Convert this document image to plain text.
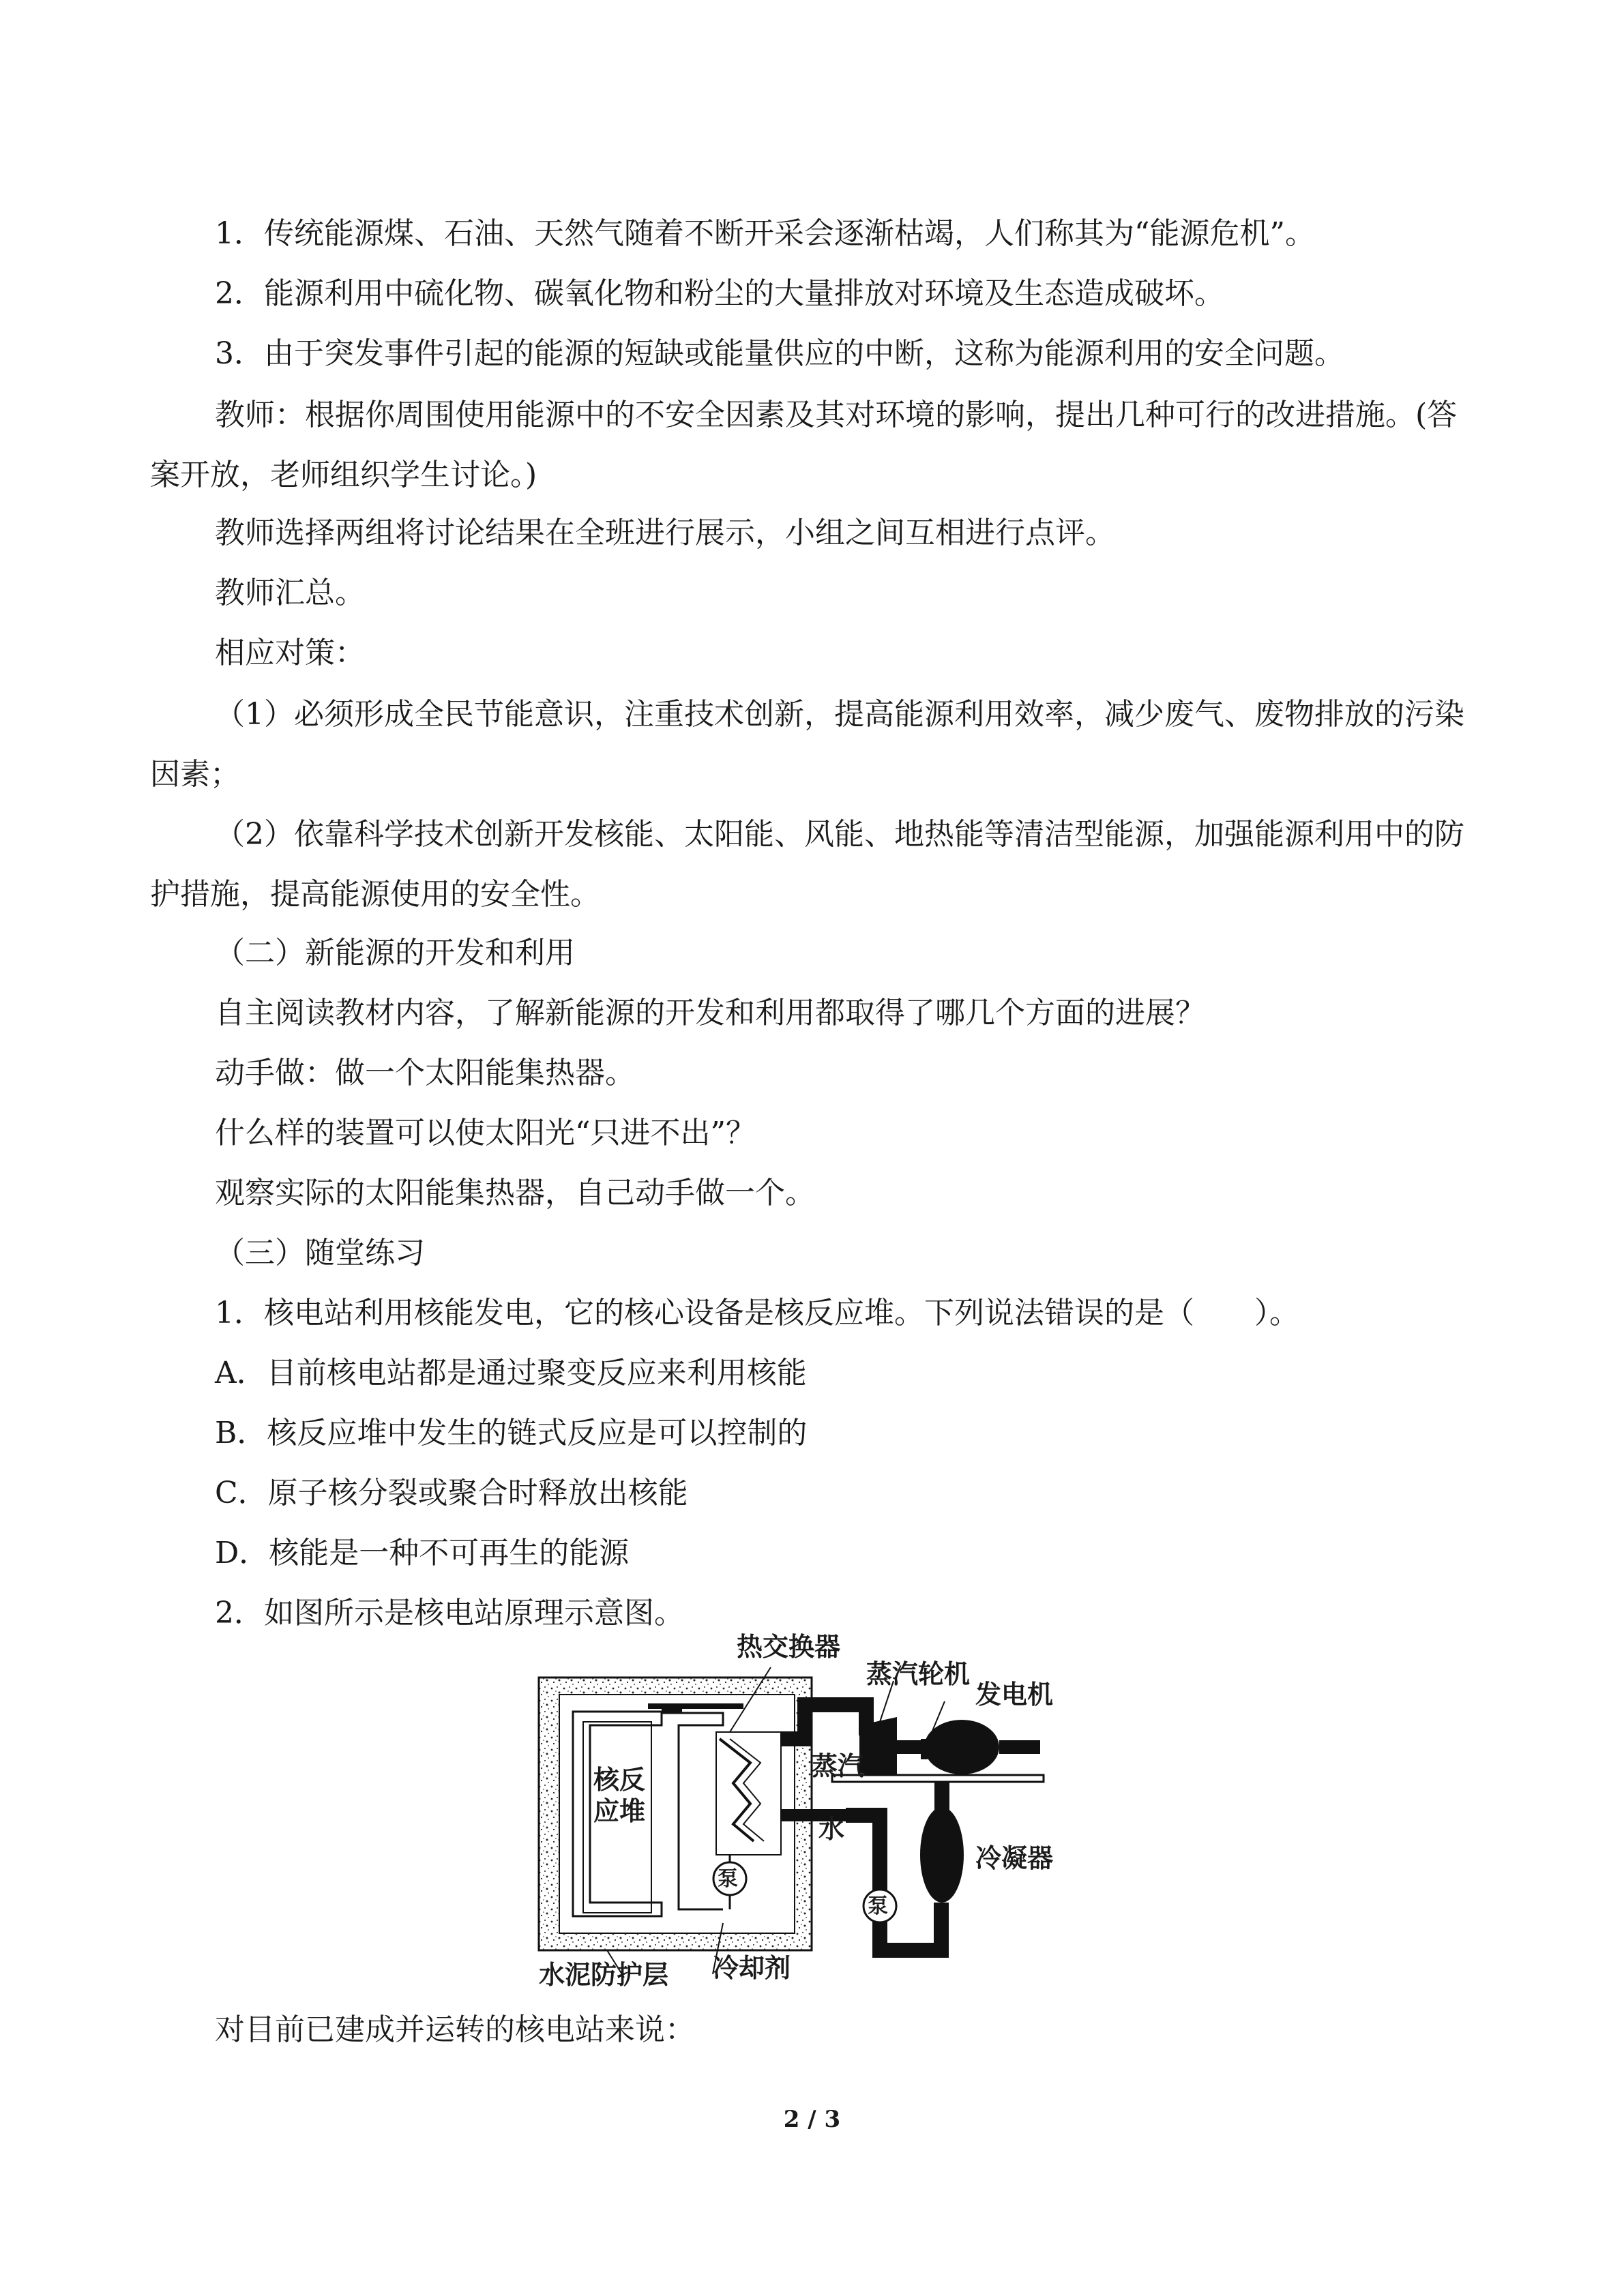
1．传统能源煤、石油、天然气随着不断开采会逐渐枯竭，人们称其为“能源危机”。
2．能源利用中硫化物、碳氧化物和粉尘的大量排放对环境及生态造成破坏。
3．由于突发事件引起的能源的短缺或能量供应的中断，这称为能源利用的安全问题。
教师：根据你周围使用能源中的不安全因素及其对环境的影响，提出几种可行的改进措施。(答案开放，老师组织学生讨论。)
教师选择两组将讨论结果在全班进行展示，小组之间互相进行点评。
教师汇总。
相应对策：
（1）必须形成全民节能意识，注重技术创新，提高能源利用效率，减少废气、废物排放的污染因素；
（2）依靠科学技术创新开发核能、太阳能、风能、地热能等清洁型能源，加强能源利用中的防护措施，提高能源使用的安全性。
（二）新能源的开发和利用
自主阅读教材内容，了解新能源的开发和利用都取得了哪几个方面的进展？
动手做：做一个太阳能集热器。
什么样的装置可以使太阳光“只进不出”？
观察实际的太阳能集热器，自己动手做一个。
（三）随堂练习
1．核电站利用核能发电，它的核心设备是核反应堆。下列说法错误的是（　　）。
A．目前核电站都是通过聚变反应来利用核能
B．核反应堆中发生的链式反应是可以控制的
C．原子核分裂或聚合时释放出核能
D．核能是一种不可再生的能源
2．如图所示是核电站原理示意图。
热交换器
蒸汽轮机
发电机
核反
应堆
蒸汽
水
泵
泵
冷凝器
水泥防护层 冷却剂
对目前已建成并运转的核电站来说：
2 / 3
